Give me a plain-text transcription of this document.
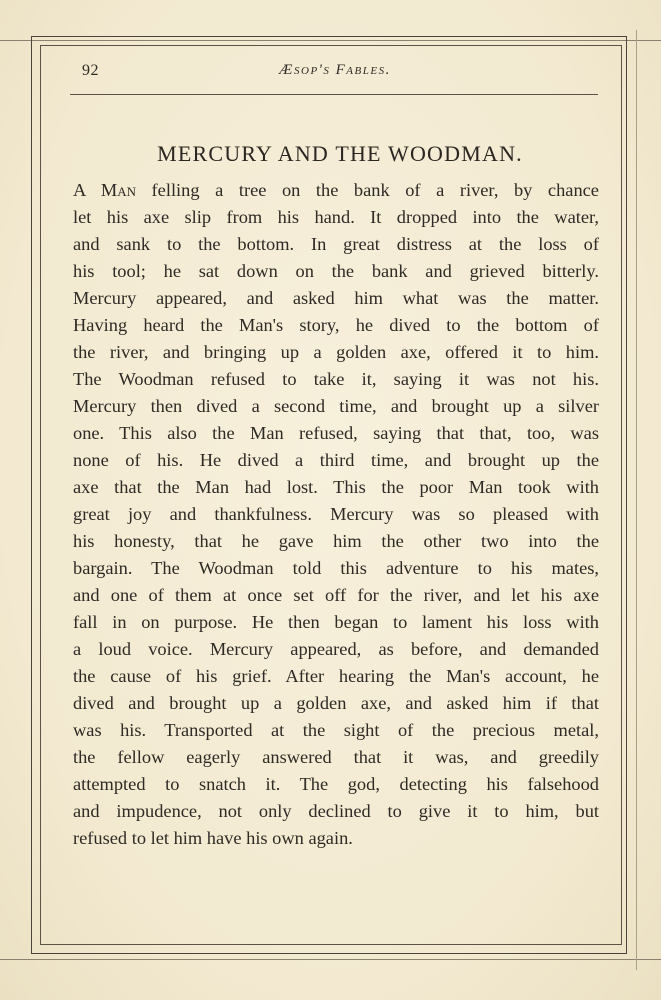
92	Æsop's Fables.
MERCURY AND THE WOODMAN.
A Man felling a tree on the bank of a river, by chance
let his axe slip from his hand. It dropped into the water,
and sank to the bottom. In great distress at the loss of
his tool; he sat down on the bank and grieved bitterly.
Mercury appeared, and asked him what was the matter.
Having heard the Man's story, he dived to the bottom of
the river, and bringing up a golden axe, offered it to him.
The Woodman refused to take it, saying it was not his.
Mercury then dived a second time, and brought up a silver
one. This also the Man refused, saying that that, too, was
none of his. He dived a third time, and brought up the
axe that the Man had lost. This the poor Man took with
great joy and thankfulness. Mercury was so pleased with
his honesty, that he gave him the other two into the
bargain. The Woodman told this adventure to his mates,
and one of them at once set off for the river, and let his axe
fall in on purpose. He then began to lament his loss with
a loud voice. Mercury appeared, as before, and demanded
the cause of his grief. After hearing the Man's account, he
dived and brought up a golden axe, and asked him if that
was his. Transported at the sight of the precious metal,
the fellow eagerly answered that it was, and greedily
attempted to snatch it. The god, detecting his falsehood
and impudence, not only declined to give it to him, but
refused to let him have his own again.
